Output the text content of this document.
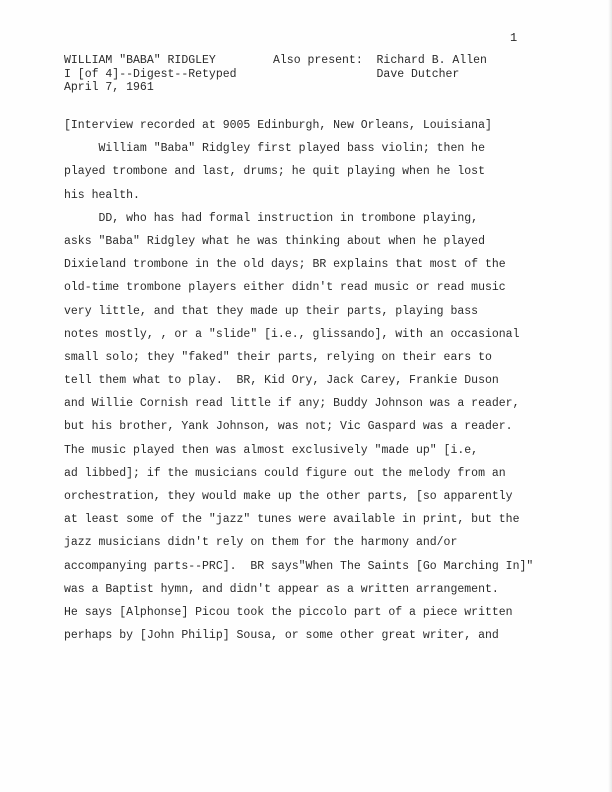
1
WILLIAM "BABA" RIDGLEY
I [of 4]--Digest--Retyped
April 7, 1961
Also present:  Richard B. Allen
Dave Dutcher
[Interview recorded at 9005 Edinburgh, New Orleans, Louisiana]
William "Baba" Ridgley first played bass violin; then he
played trombone and last, drums; he quit playing when he lost
his health.
DD, who has had formal instruction in trombone playing,
asks "Baba" Ridgley what he was thinking about when he played
Dixieland trombone in the old days; BR explains that most of the
old-time trombone players either didn't read music or read music
very little, and that they made up their parts, playing bass
notes mostly, , or a "slide" [i.e., glissando], with an occasional
small solo; they "faked" their parts, relying on their ears to
tell them what to play.  BR, Kid Ory, Jack Carey, Frankie Duson
and Willie Cornish read little if any; Buddy Johnson was a reader,
but his brother, Yank Johnson, was not; Vic Gaspard was a reader.
The music played then was almost exclusively "made up" [i.e,
ad libbed]; if the musicians could figure out the melody from an
orchestration, they would make up the other parts, [so apparently
at least some of the "jazz" tunes were available in print, but the
jazz musicians didn't rely on them for the harmony and/or
accompanying parts--PRC].  BR says"When The Saints [Go Marching In]"
was a Baptist hymn, and didn't appear as a written arrangement.
He says [Alphonse] Picou took the piccolo part of a piece written
perhaps by [John Philip] Sousa, or some other great writer, and
